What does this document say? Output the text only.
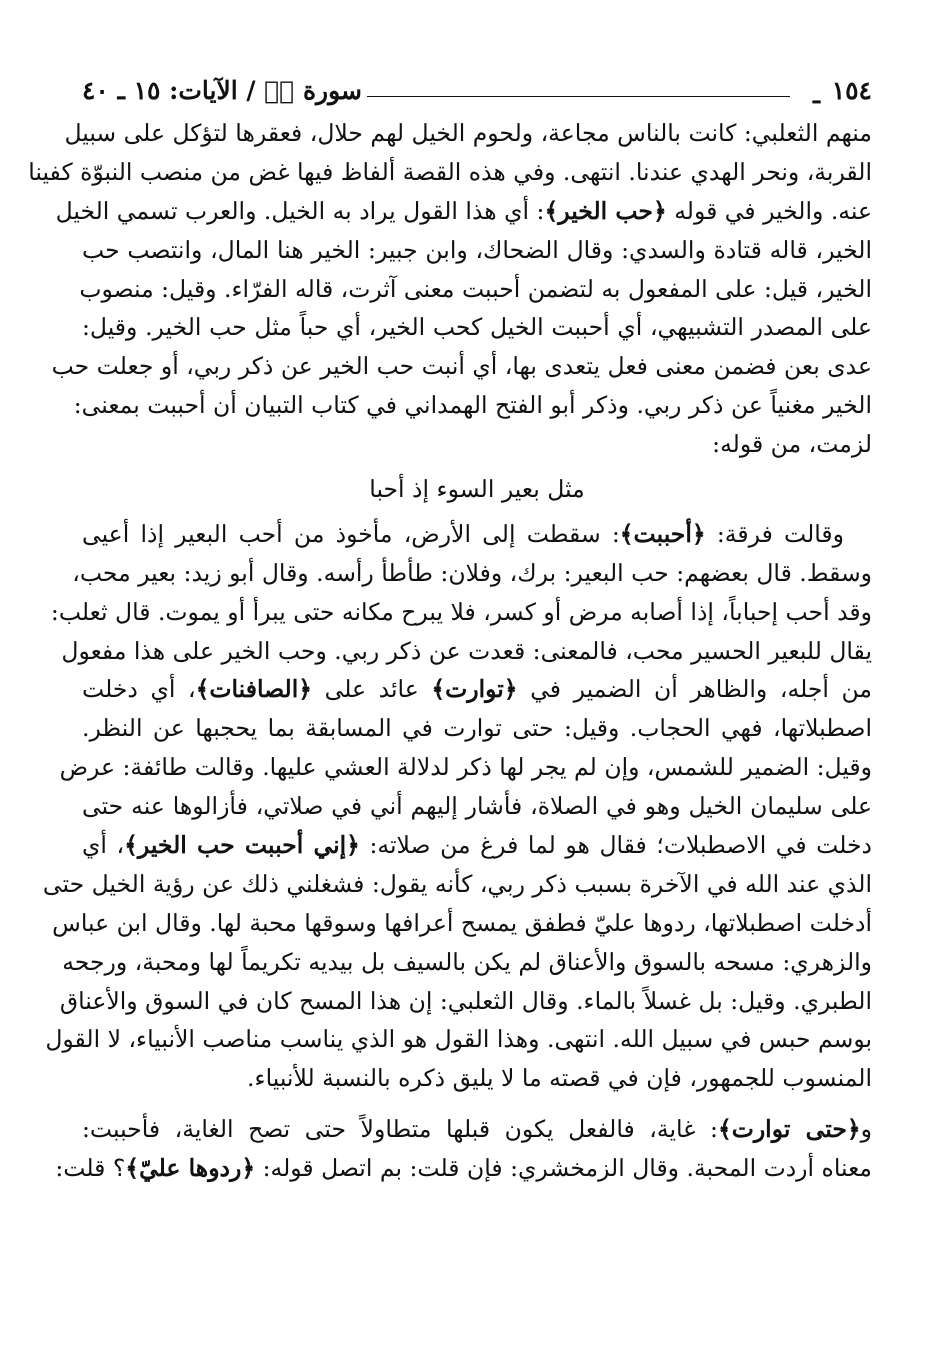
١٥٤
ـ
سورة صۤ / الآيات: ١٥ ـ ٤٠
منهم الثعلبي: كانت بالناس مجاعة، ولحوم الخيل لهم حلال، فعقرها لتؤكل على سبيل
القربة، ونحر الهدي عندنا. انتهى. وفي هذه القصة ألفاظ فيها غض من منصب النبوّة كفينا
عنه. والخير في قوله ﴿حب الخير﴾: أي هذا القول يراد به الخيل. والعرب تسمي الخيل
الخير، قاله قتادة والسدي: وقال الضحاك، وابن جبير: الخير هنا المال، وانتصب حب
الخير، قيل: على المفعول به لتضمن أحببت معنى آثرت، قاله الفرّاء. وقيل: منصوب
على المصدر التشبيهي، أي أحببت الخيل كحب الخير، أي حباً مثل حب الخير. وقيل:
عدى بعن فضمن معنى فعل يتعدى بها، أي أنبت حب الخير عن ذكر ربي، أو جعلت حب
الخير مغنياً عن ذكر ربي. وذكر أبو الفتح الهمداني في كتاب التبيان أن أحببت بمعنى:
لزمت، من قوله:
مثل بعير السوء إذ أحبا
وقالت فرقة: ﴿أحببت﴾: سقطت إلى الأرض، مأخوذ من أحب البعير إذا أعيى
وسقط. قال بعضهم: حب البعير: برك، وفلان: طأطأ رأسه. وقال أبو زيد: بعير محب،
وقد أحب إحباباً، إذا أصابه مرض أو كسر، فلا يبرح مكانه حتى يبرأ أو يموت. قال ثعلب:
يقال للبعير الحسير محب، فالمعنى: قعدت عن ذكر ربي. وحب الخير على هذا مفعول
من أجله، والظاهر أن الضمير في ﴿توارت﴾ عائد على ﴿الصافنات﴾، أي دخلت
اصطبلاتها، فهي الحجاب. وقيل: حتى توارت في المسابقة بما يحجبها عن النظر.
وقيل: الضمير للشمس، وإن لم يجر لها ذكر لدلالة العشي عليها. وقالت طائفة: عرض
على سليمان الخيل وهو في الصلاة، فأشار إليهم أني في صلاتي، فأزالوها عنه حتى
دخلت في الاصطبلات؛ فقال هو لما فرغ من صلاته: ﴿إني أحببت حب الخير﴾، أي
الذي عند الله في الآخرة بسبب ذكر ربي، كأنه يقول: فشغلني ذلك عن رؤية الخيل حتى
أدخلت اصطبلاتها، ردوها عليّ فطفق يمسح أعرافها وسوقها محبة لها. وقال ابن عباس
والزهري: مسحه بالسوق والأعناق لم يكن بالسيف بل بيديه تكريماً لها ومحبة، ورجحه
الطبري. وقيل: بل غسلاً بالماء. وقال الثعلبي: إن هذا المسح كان في السوق والأعناق
بوسم حبس في سبيل الله. انتهى. وهذا القول هو الذي يناسب مناصب الأنبياء، لا القول
المنسوب للجمهور، فإن في قصته ما لا يليق ذكره بالنسبة للأنبياء.
و﴿حتى توارت﴾: غاية، فالفعل يكون قبلها متطاولاً حتى تصح الغاية، فأحببت:
معناه أردت المحبة. وقال الزمخشري: فإن قلت: بم اتصل قوله: ﴿ردوها عليّ﴾؟ قلت:
